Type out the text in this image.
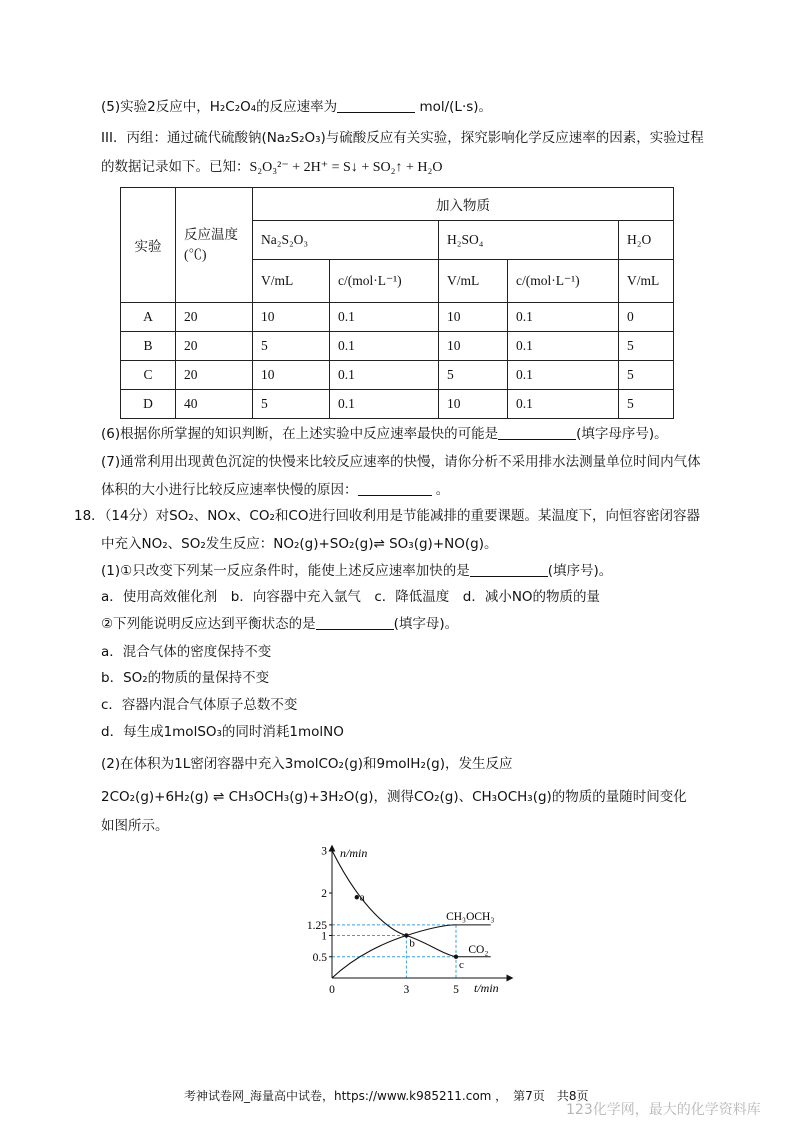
(5)实验2反应中，H₂C₂O₄的反应速率为	mol/(L·s)。
III．丙组：通过硫代硫酸钠(Na₂S₂O₃)与硫酸反应有关实验，探究影响化学反应速率的因素，实验过程
的数据记录如下。已知：S₂O₃²⁻ + 2H⁺ = S↓ + SO₂↑ + H₂O
实验	反应温度(℃)	加入物质				
		Na₂S₂O₃		H₂SO₄		H₂O
		V/mL	c/(mol·L⁻¹)	V/mL	c/(mol·L⁻¹)	V/mL
A	20	10	0.1	10	0.1	0
B	20	5	0.1	10	0.1	5
C	20	10	0.1	5	0.1	5
D	40	5	0.1	10	0.1	5
(6)根据你所掌握的知识判断，在上述实验中反应速率最快的可能是	(填字母序号)。
(7)通常利用出现黄色沉淀的快慢来比较反应速率的快慢，请你分析不采用排水法测量单位时间内气体
体积的大小进行比较反应速率快慢的原因：	。
18．（14分）对SO₂、NOx、CO₂和CO进行回收利用是节能减排的重要课题。某温度下，向恒容密闭容器
中充入NO₂、SO₂发生反应：NO₂(g)+SO₂(g)⇌ SO₃(g)+NO(g)。
(1)①只改变下列某一反应条件时，能使上述反应速率加快的是	(填序号)。
a．使用高效催化剂　b．向容器中充入氩气　c．降低温度　d．减小NO的物质的量
②下列能说明反应达到平衡状态的是	(填字母)。
a．混合气体的密度保持不变
b．SO₂的物质的量保持不变
c．容器内混合气体原子总数不变
d．每生成1molSO₃的同时消耗1molNO
(2)在体积为1L密闭容器中充入3molCO₂(g)和9molH₂(g)，发生反应
2CO₂(g)+6H₂(g) ⇌ CH₃OCH₃(g)+3H₂O(g)，测得CO₂(g)、CH₃OCH₃(g)的物质的量随时间变化
如图所示。
CH₃OCH₃
CO₂
a
b
c
0.5
1
1.25
2
3
0	3	5
n/min
t/min
考神试卷网_海量高中试卷，https://www.k985211.com ，　第7页　共8页
123化学网，最大的化学资料库
